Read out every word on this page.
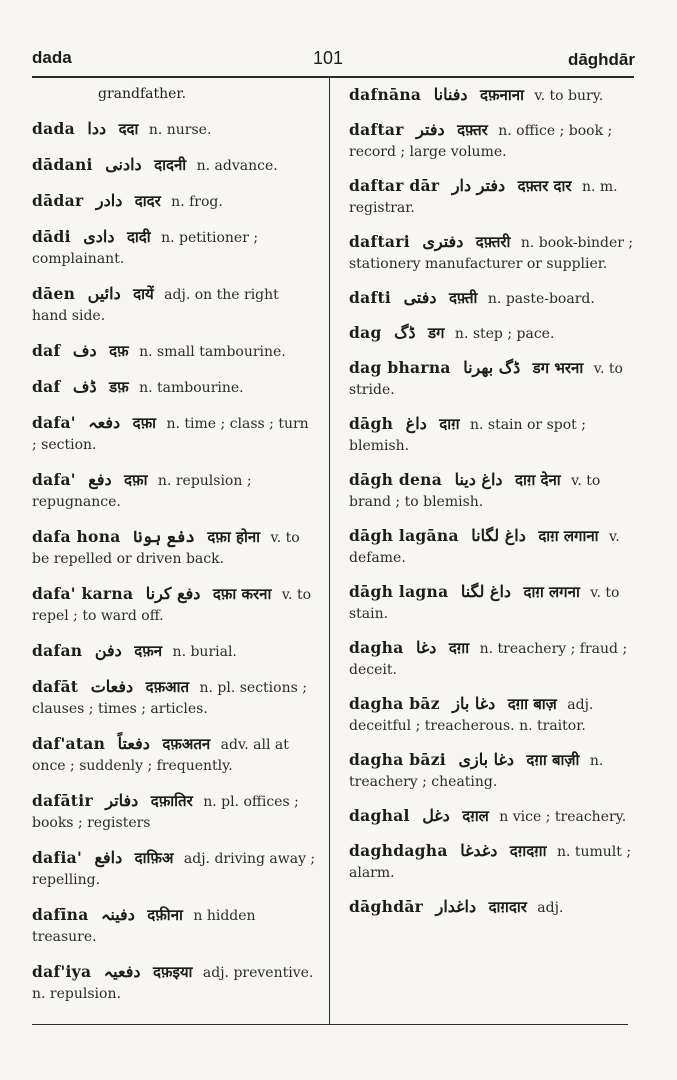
dada	101	dāghdār
grandfather.
dada ددا ददा n. nurse.
dādani دادنی दादनी n. advance.
dādar دادر दादर n. frog.
dādi دادی दादी n. petitioner ; complainant.
dāen دائیں दायें adj. on the right hand side.
daf دف दफ़ n. small tambourine.
daf ڈف डफ़ n. tambourine.
dafa' دفعہ दफ़ा n. time ; class ; turn ; section.
dafa' دفع दफ़ा n. repulsion ; repugnance.
dafa hona دفع ہونا दफ़ा होना v. to be repelled or driven back.
dafa' karna دفع کرنا दफ़ा करना v. to repel ; to ward off.
dafan دفن दफ़न n. burial.
dafāt دفعات दफ़आत n. pl. sections ; clauses ; times ; articles.
daf'atan دفعتاً दफ़अतन adv. all at once ; suddenly ; frequently.
dafātir دفاتر दफ़ातिर n. pl. offices ; books ; registers
dafia' دافع दाफ़िअ adj. driving away ; repelling.
dafīna دفینہ दफ़ीना n hidden treasure.
daf'iya دفعیہ दफ़इया adj. preventive. n. repulsion.
dafnāna دفنانا दफ़नाना v. to bury.
daftar دفتر दफ़्तर n. office ; book ; record ; large volume.
daftar dār دفتر دار दफ़्तर दार n. m. registrar.
daftari دفتری दफ़्तरी n. book-binder ; stationery manufacturer or supplier.
dafti دفتی दफ़्ती n. paste-board.
dag ڈگ डग n. step ; pace.
dag bharna ڈگ بھرنا डग भरना v. to stride.
dāgh داغ दाग़ n. stain or spot ; blemish.
dāgh dena داغ دینا दाग़ देना v. to brand ; to blemish.
dāgh lagāna داغ لگانا दाग़ लगाना v. defame.
dāgh lagna داغ لگنا दाग़ लगना v. to stain.
dagha دغا दग़ा n. treachery ; fraud ; deceit.
dagha bāz دغا باز दग़ा बाज़ adj. deceitful ; treacherous. n. traitor.
dagha bāzi دغا بازی दग़ा बाज़ी n. treachery ; cheating.
daghal دغل दग़ल n vice ; treachery.
daghdagha دغدغا दग़दग़ा n. tumult ; alarm.
dāghdār داغدار दाग़दार adj.
